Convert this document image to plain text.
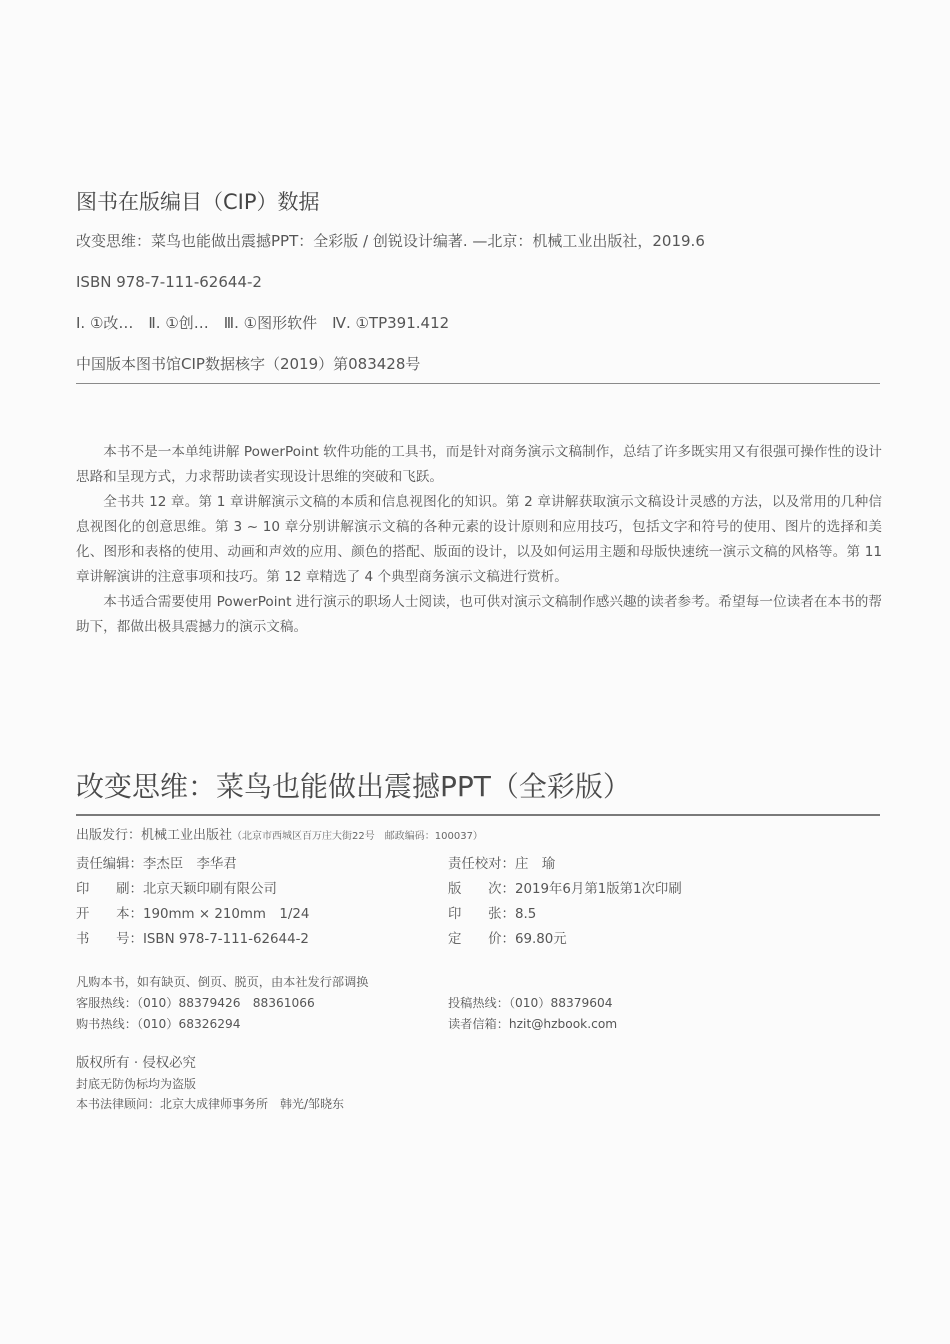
图书在版编目（CIP）数据
改变思维：菜鸟也能做出震撼PPT：全彩版 / 创锐设计编著. —北京：机械工业出版社，2019.6
ISBN 978-7-111-62644-2
Ⅰ. ①改…　Ⅱ. ①创…　Ⅲ. ①图形软件　Ⅳ. ①TP391.412
中国版本图书馆CIP数据核字（2019）第083428号

本书不是一本单纯讲解 PowerPoint 软件功能的工具书，而是针对商务演示文稿制作，总结了许多既实用又有很强可操作性的设计思路和呈现方式，力求帮助读者实现设计思维的突破和飞跃。

全书共 12 章。第 1 章讲解演示文稿的本质和信息视图化的知识。第 2 章讲解获取演示文稿设计灵感的方法，以及常用的几种信息视图化的创意思维。第 3 ~ 10 章分别讲解演示文稿的各种元素的设计原则和应用技巧，包括文字和符号的使用、图片的选择和美化、图形和表格的使用、动画和声效的应用、颜色的搭配、版面的设计，以及如何运用主题和母版快速统一演示文稿的风格等。第 11 章讲解演讲的注意事项和技巧。第 12 章精选了 4 个典型商务演示文稿进行赏析。

本书适合需要使用 PowerPoint 进行演示的职场人士阅读，也可供对演示文稿制作感兴趣的读者参考。希望每一位读者在本书的帮助下，都做出极具震撼力的演示文稿。

改变思维：菜鸟也能做出震撼PPT（全彩版）
出版发行：机械工业出版社（北京市西城区百万庄大街22号　邮政编码：100037）
责任编辑：李杰臣　李华君	责任校对：庄　瑜
印　　刷：北京天颖印刷有限公司	版　　次：2019年6月第1版第1次印刷
开　　本：190mm × 210mm　1/24	印　　张：8.5
书　　号：ISBN 978-7-111-62644-2	定　　价：69.80元
凡购本书，如有缺页、倒页、脱页，由本社发行部调换
客服热线：（010）88379426　88361066	投稿热线：（010）88379604
购书热线：（010）68326294	读者信箱：hzit@hzbook.com
版权所有 · 侵权必究
封底无防伪标均为盗版
本书法律顾问：北京大成律师事务所　韩光/邹晓东
